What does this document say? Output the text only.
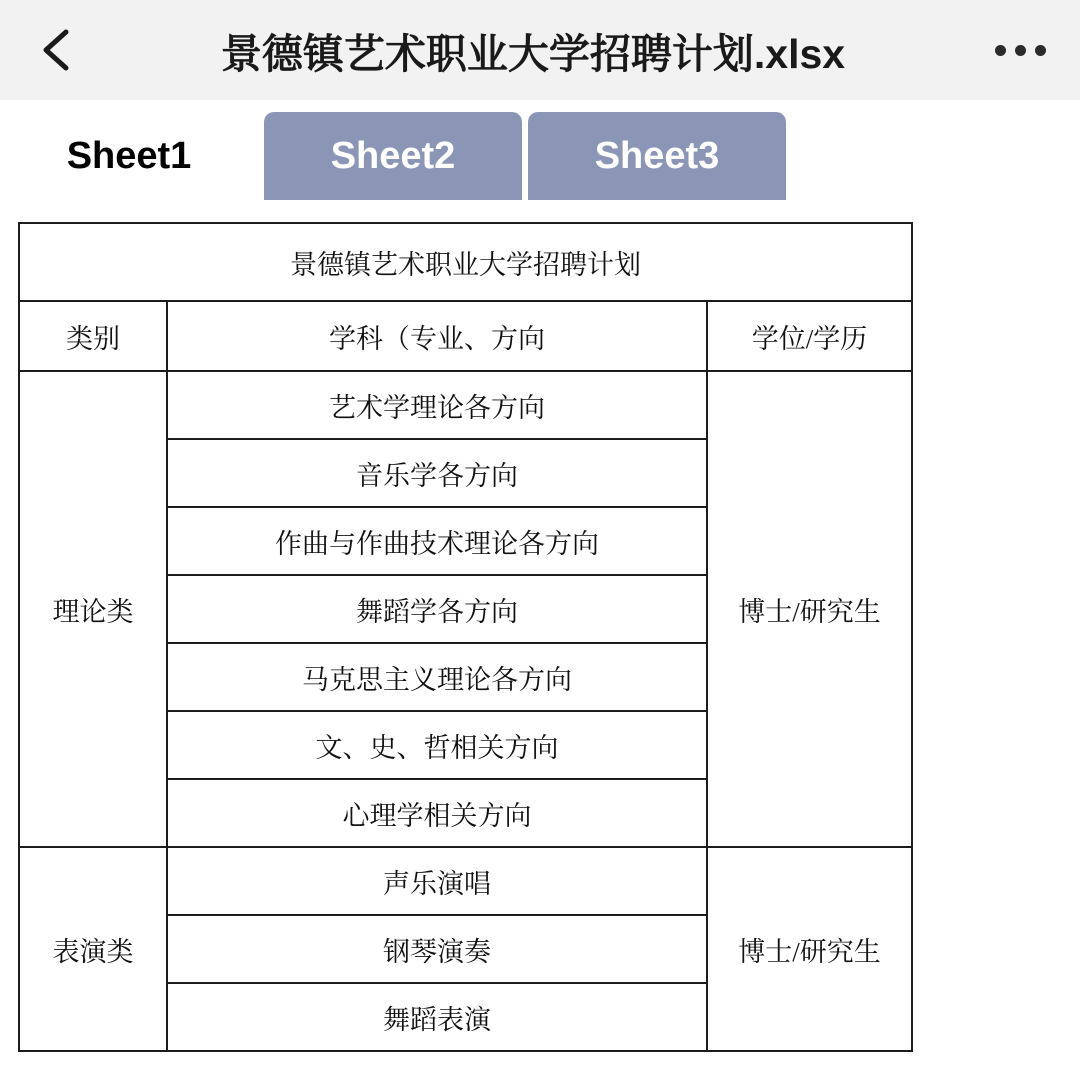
景德镇艺术职业大学招聘计划.xlsx
Sheet1	Sheet2	Sheet3
景德镇艺术职业大学招聘计划		
类别	学科（专业、方向	学位/学历
理论类	艺术学理论各方向	博士/研究生
	音乐学各方向	
	作曲与作曲技术理论各方向	
	舞蹈学各方向	
	马克思主义理论各方向	
	文、史、哲相关方向	
	心理学相关方向	
表演类	声乐演唱	博士/研究生
	钢琴演奏	
	舞蹈表演	
